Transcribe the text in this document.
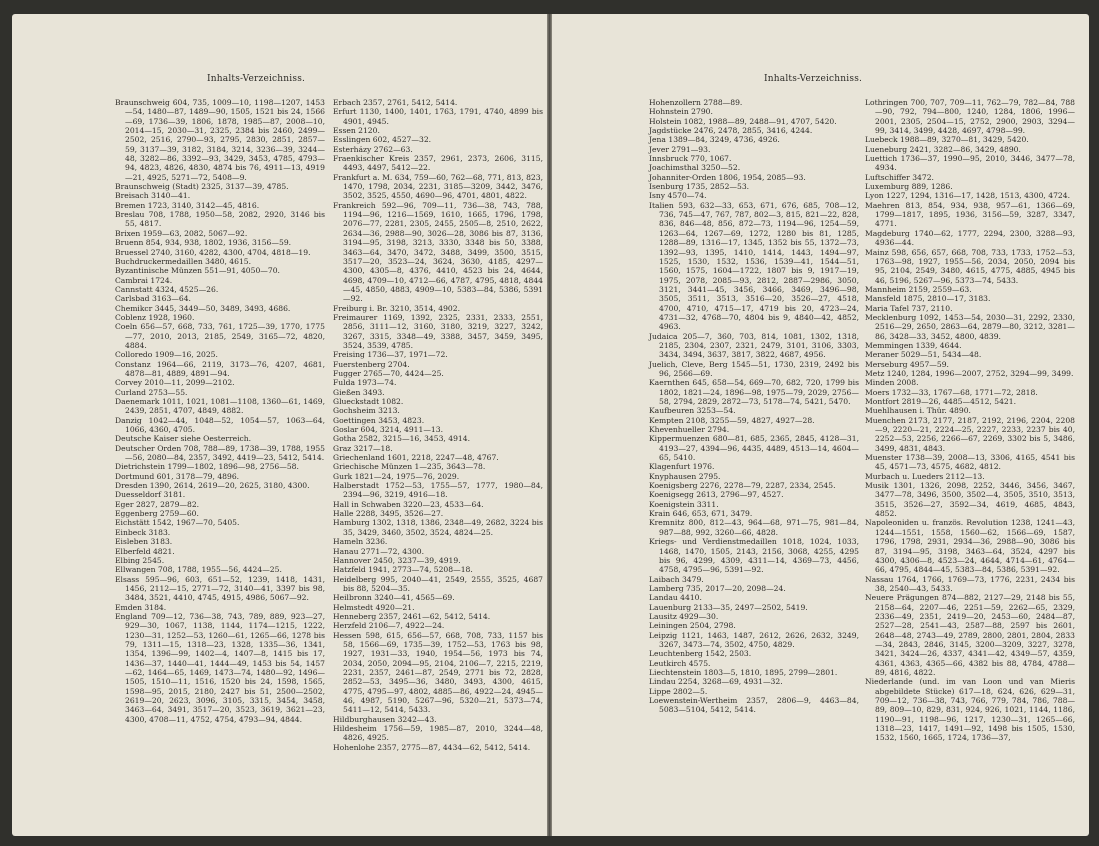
Inhalts-Verzeichniss.

Braunschweig 604, 735, 1009—10, 1198—1207, 1453—54, 1480—87, 1489—90, 1505, 1521 bis 24, 1566—69, 1736—39, 1806, 1878, 1985—87, 2008—10, 2014—15, 2030—31, 2325, 2384 bis 2460, 2499—2502, 2516, 2790—93, 2795, 2830, 2851, 2857—59, 3137—39, 3182, 3184, 3214, 3236—39, 3244—48, 3282—86, 3392—93, 3429, 3453, 4785, 4793—94, 4823, 4826, 4830, 4874 bis 76, 4911—13, 4919—21, 4925, 5271—72, 5408—9.

Braunschweig (Stadt) 2325, 3137—39, 4785.

Breisach 3140—41.

Bremen 1723, 3140, 3142—45, 4816.

Breslau 708, 1788, 1950—58, 2082, 2920, 3146 bis 55, 4817.

Brixen 1959—63, 2082, 5067—92.

Bruenn 854, 934, 938, 1802, 1936, 3156—59.

Bruessel 2740, 3160, 4282, 4300, 4704, 4818—19.

Buchdruckermedaillen 3480, 4615.

Byzantinische Münzen 551—91, 4050—70.

Cambrai 1724.

Cannstatt 4324, 4525—26.

Carlsbad 3163—64.

Chemikcr 3445, 3449—50, 3489, 3493, 4686.

Coblenz 1928, 1960.

Coeln 656—57, 668, 733, 761, 1725—39, 1770, 1775—77, 2010, 2013, 2185, 2549, 3165—72, 4820, 4884.

Colloredo 1909—16, 2025.

Constanz 1964—66, 2119, 3173—76, 4207, 4681, 4878—81, 4889, 4891—94.

Corvey 2010—11, 2099—2102.

Curland 2753—55.

Daenemark 1011, 1021, 1081—1108, 1360—61, 1469, 2439, 2851, 4707, 4849, 4882.

Danzig 1042—44, 1048—52, 1054—57, 1063—64, 1066, 4360, 4705.

Deutsche Kaiser siehe Oesterreich.

Deutscher Orden 708, 788—89, 1738—39, 1788, 1955—56, 2080—84, 2357, 3492, 4419—23, 5412, 5414.

Dietrichstein 1799—1802, 1896—98, 2756—58.

Dortmund 601, 3178—79, 4896.

Dresden 1390, 2614, 2619—20, 2625, 3180, 4300.

Duesseldorf 3181.

Eger 2827, 2879—82.

Eggenberg 2759—60.

Eichstätt 1542, 1967—70, 5405.

Einbeck 3183.

Eisleben 3183.

Elberfeld 4821.

Elbing 2545.

Ellwangen 708, 1788, 1955—56, 4424—25.

Elsass 595—96, 603, 651—52, 1239, 1418, 1431, 1456, 2112—15, 2771—72, 3140—41, 3397 bis 98, 3484, 3521, 4410, 4745, 4915, 4986, 5067—92.

Emden 3184.

England 709—12, 736—38, 743, 789, 889, 923—27, 929—30, 1067, 1138, 1144, 1174—1215, 1222, 1230—31, 1252—53, 1260—61, 1265—66, 1278 bis 79, 1311—15, 1318—23, 1328, 1335—36, 1341, 1354, 1396—99, 1402—4, 1407—8, 1415 bis 17, 1436—37, 1440—41, 1444—49, 1453 bis 54, 1457—62, 1464—65, 1469, 1473—74, 1480—92, 1496—1505, 1510—11, 1516, 1520 bis 24, 1598, 1565, 1598—95, 2015, 2180, 2427 bis 51, 2500—2502, 2619—20, 2623, 3096, 3105, 3315, 3454, 3458, 3463—64, 3491, 3517—20, 3523, 3619, 3621—23, 4300, 4708—11, 4752, 4754, 4793—94, 4844.

Erbach 2357, 2761, 5412, 5414.

Erfurt 1130, 1400, 1401, 1763, 1791, 4740, 4899 bis 4901, 4945.

Essen 2120.

Esslingen 602, 4527—32.

Esterházy 2762—63.

Fraenkischer Kreis 2357, 2961, 2373, 2606, 3115, 4493, 4497, 5412—22.

Frankfurt a. M. 634, 759—60, 762—68, 771, 813, 823, 1470, 1798, 2034, 2231, 3185—3209, 3442, 3476, 3502, 3525, 4550, 4690—96, 4701, 4801, 4822.

Frankreich 592—96, 709—11, 736—38, 743, 788, 1194—96, 1216—1569, 1610, 1665, 1796, 1798, 2076—77, 2281, 2305, 2455, 2505—8, 2510, 2622, 2634—36, 2988—90, 3026—28, 3086 bis 87, 3136, 3194—95, 3198, 3213, 3330, 3348 bis 50, 3388, 3463—64, 3470, 3472, 3488, 3499, 3500, 3515, 3517—20, 3523—24, 3624, 3630, 4185, 4297—4300, 4305—8, 4376, 4410, 4523 bis 24, 4644, 4698, 4709—10, 4712—66, 4787, 4795, 4818, 4844—45, 4850, 4883, 4909—10, 5383—84, 5386, 5391—92.

Freiburg i. Br. 3210, 3514, 4902.

Freimaurer 1169, 1392, 2325, 2331, 2333, 2551, 2856, 3111—12, 3160, 3180, 3219, 3227, 3242, 3267, 3315, 3348—49, 3388, 3457, 3459, 3495, 3524, 3539, 4785.

Freising 1736—37, 1971—72.

Fuerstenberg 2704.

Fugger 2765—70, 4424—25.

Fulda 1973—74.

Gießen 3493.

Glueckstadt 1082.

Gochsheim 3213.

Goettingen 3453, 4823.

Goslar 604, 3214, 4911—13.

Gotha 2582, 3215—16, 3453, 4914.

Graz 3217—18.

Griechenland 1601, 2218, 2247—48, 4767.

Griechische Münzen 1—235, 3643—78.

Gurk 1821—24, 1975—76, 2029.

Halberstadt 1752—53, 1755—57, 1777, 1980—84, 2394—96, 3219, 4916—18.

Hall in Schwaben 3220—23, 4533—64.

Halle 2288, 3495, 3526—27.

Hamburg 1302, 1318, 1386, 2348—49, 2682, 3224 bis 35, 3429, 3460, 3502, 3524, 4824—25.

Hameln 3236.

Hanau 2771—72, 4300.

Hannover 2450, 3237—39, 4919.

Hatzfeld 1941, 2773—74, 5208—18.

Heidelberg 995, 2040—41, 2549, 2555, 3525, 4687 bis 88, 5204—35.

Heilbronn 3240—41, 4565—69.

Helmstedt 4920—21.

Henneberg 2357, 2461—62, 5412, 5414.

Herzfeld 2106—7, 4922—24.

Hessen 598, 615, 656—57, 668, 708, 733, 1157 bis 58, 1566—69, 1735—39, 1752—53, 1763 bis 98, 1927, 1931—33, 1940, 1954—56, 1973 bis 74, 2034, 2050, 2094—95, 2104, 2106—7, 2215, 2219, 2231, 2357, 2461—87, 2549, 2771 bis 72, 2828, 2852—53, 3495—36, 3480, 3493, 4300, 4615, 4775, 4795—97, 4802, 4885—86, 4922—24, 4945—46, 4987, 5190, 5267—96, 5320—21, 5373—74, 5411—12, 5414, 5433.

Hildburghausen 3242—43.

Hildesheim 1756—59, 1985—87, 2010, 3244—48, 4826, 4925.

Hohenlohe 2357, 2775—87, 4434—62, 5412, 5414.

Inhalts-Verzeichniss.

Hohenzollern 2788—89.

Hohnstein 2790.

Holstein 1082, 1988—89, 2488—91, 4707, 5420.

Jagdstücke 2476, 2478, 2855, 3416, 4244.

Jena 1389—84, 3249, 4736, 4926.

Jever 2791—93.

Innsbruck 770, 1067.

Joachimsthal 3250—52.

Johanniter-Orden 1806, 1954, 2085—93.

Isenburg 1735, 2852—53.

Isny 4570—74.

Italien 593, 632—33, 653, 671, 676, 685, 708—12, 736, 745—47, 767, 787, 802—3, 815, 821—22, 828, 836, 846—48, 856, 872—73, 1194—96, 1254—59, 1263—64, 1267—69, 1272, 1280 bis 81, 1285, 1288—89, 1316—17, 1345, 1352 bis 55, 1372—73, 1392—93, 1395, 1410, 1414, 1443, 1494—97, 1525, 1530, 1532, 1536, 1539—41, 1544—51, 1560, 1575, 1604—1722, 1807 bis 9, 1917—19, 1975, 2078, 2085—93, 2812, 2887—2986, 3050, 3121, 3441—45, 3456, 3466, 3469, 3496—98, 3505, 3511, 3513, 3516—20, 3526—27, 4518, 4700, 4710, 4715—17, 4719 bis 20, 4723—24, 4731—32, 4768—70, 4804 bis 9, 4840—42, 4852, 4963.

Judaica 205—7, 360, 703, 814, 1081, 1302, 1318, 2185, 2304, 2307, 2321, 2479, 3101, 3106, 3303, 3434, 3494, 3637, 3817, 3822, 4687, 4956.

Juelich, Cleve, Berg 1545—51, 1730, 2319, 2492 bis 96, 2566—69.

Kaernthen 645, 658—54, 669—70, 682, 720, 1799 bis 1802, 1821—24, 1896—98, 1975—79, 2029, 2756—58, 2794, 2829, 2872—73, 5178—74, 5421, 5470.

Kaufbeuren 3253—54.

Kempten 2108, 3255—59, 4827, 4927—28.

Khevenhueller 2794.

Kippermuenzen 680—81, 685, 2365, 2845, 4128—31, 4193—27, 4394—96, 4435, 4489, 4513—14, 4604—65, 5410.

Klagenfurt 1976.

Knyphausen 2795.

Koenigsberg 2276, 2278—79, 2287, 2334, 2545.

Koenigsegg 2613, 2796—97, 4527.

Koenigstein 3311.

Krain 646, 653, 671, 3479.

Kremnitz 800, 812—43, 964—68, 971—75, 981—84, 987—88, 992, 3260—66, 4828.

Kriegs- und Verdienstmedaillen 1018, 1024, 1033, 1468, 1470, 1505, 2143, 2156, 3068, 4255, 4295 bis 96, 4299, 4309, 4311—14, 4369—73, 4456, 4758, 4795—96, 5391—92.

Laibach 3479.

Lamberg 735, 2017—20, 2098—24.

Landau 4410.

Lauenburg 2133—35, 2497—2502, 5419.

Lausitz 4929—30.

Leiningen 2504, 2798.

Leipzig 1121, 1463, 1487, 2612, 2626, 2632, 3249, 3267, 3473—74, 3502, 4750, 4829.

Leuchtenberg 1542, 2503.

Leutkirch 4575.

Liechtenstein 1803—5, 1810, 1895, 2799—2801.

Lindau 2254, 3268—69, 4931—32.

Lippe 2802—5.

Loewenstein-Wertheim 2357, 2806—9, 4463—84, 5083—5104, 5412, 5414.

Lothringen 700, 707, 709—11, 762—79, 782—84, 788—90, 792, 794—800, 1240, 1284, 1806, 1996—2001, 2305, 2504—15, 2752, 2900, 2903, 3294—99, 3414, 3499, 4428, 4697, 4798—99.

Luebeck 1988—89, 3270—81, 3429, 5420.

Lueneburg 2421, 3282—86, 3429, 4890.

Luettich 1736—37, 1990—95, 2010, 3446, 3477—78, 4934.

Luftschiffer 3472.

Luxemburg 889, 1286.

Lyon 1227, 1294, 1316—17, 1428, 1513, 4300, 4724.

Maehren 813, 854, 934, 938, 957—61, 1366—69, 1799—1817, 1895, 1936, 3156—59, 3287, 3347, 4771.

Magdeburg 1740—62, 1777, 2294, 2300, 3288—93, 4936—44.

Mainz 598, 656, 657, 668, 708, 733, 1733, 1752—53, 1763—98, 1927, 1955—56, 2034, 2050, 2094 bis 95, 2104, 2549, 3480, 4615, 4775, 4885, 4945 bis 46, 5196, 5267—96, 5373—74, 5433.

Mannheim 2159, 2559—63.

Mansfeld 1875, 2810—17, 3183.

Maria Tafel 737, 2110.

Mecklenburg 1092, 1453—54, 2030—31, 2292, 2330, 2516—29, 2650, 2863—64, 2879—80, 3212, 3281—86, 3428—33, 3452, 4800, 4839.

Memmingen 1339, 4644.

Meraner 5029—51, 5434—48.

Merseburg 4957—59.

Metz 1240, 1284, 1996—2007, 2752, 3294—99, 3499.

Minden 2008.

Moers 1732—33, 1767—68, 1771—72, 2818.

Montfort 2819—26, 4485—4512, 5421.

Muehlhausen i. Thür. 4890.

Muenchen 2173, 2177, 2187, 2192, 2196, 2204, 2208—9, 2220—21, 2224—25, 2227, 2233, 2237 bis 40, 2252—53, 2256, 2266—67, 2269, 3302 bis 5, 3486, 3499, 4831, 4843.

Muenster 1738—39, 2008—13, 3306, 4165, 4541 bis 45, 4571—73, 4575, 4682, 4812.

Murbach u. Lueders 2112—13.

Musik 1301, 1326, 2098, 2252, 3446, 3456, 3467, 3477—78, 3496, 3500, 3502—4, 3505, 3510, 3513, 3515, 3526—27, 3592—34, 4619, 4685, 4843, 4852.

Napoleoniden u. französ. Revolution 1238, 1241—43, 1244—1551, 1558, 1560—62, 1566—69, 1587, 1796, 1798, 2931, 2934—36, 2988—90, 3086 bis 87, 3194—95, 3198, 3463—64, 3524, 4297 bis 4300, 4306—8, 4523—24, 4644, 4714—61, 4764—66, 4795, 4844—45, 5383—84, 5386, 5391—92.

Nassau 1764, 1766, 1769—73, 1776, 2231, 2434 bis 38, 2540—43, 5433.

Neuere Prägungen 874—882, 2127—29, 2148 bis 55, 2158—64, 2207—46, 2251—59, 2262—65, 2329, 2336—49, 2351, 2419—20, 2453—60, 2484—87, 2527—28, 2541—43, 2587—88, 2597 bis 2601, 2648—48, 2743—49, 2789, 2800, 2801, 2804, 2833—34, 2843, 2846, 3145, 3200—3209, 3227, 3278, 3421, 3424—26, 4337, 4341—42, 4349—57, 4359, 4361, 4363, 4365—66, 4382 bis 88, 4784, 4788—89, 4816, 4822.

Niederlande (und. im van Loon und van Mieris abgebildete Stücke) 617—18, 624, 626, 629—31, 709—12, 736—38, 743, 766, 779, 784, 786, 788—89, 809—10, 829, 831, 924, 926, 1021, 1144, 1186, 1190—91, 1198—96, 1217, 1230—31, 1265—66, 1318—23, 1417, 1491—92, 1498 bis 1505, 1530, 1532, 1560, 1665, 1724, 1736—37,
